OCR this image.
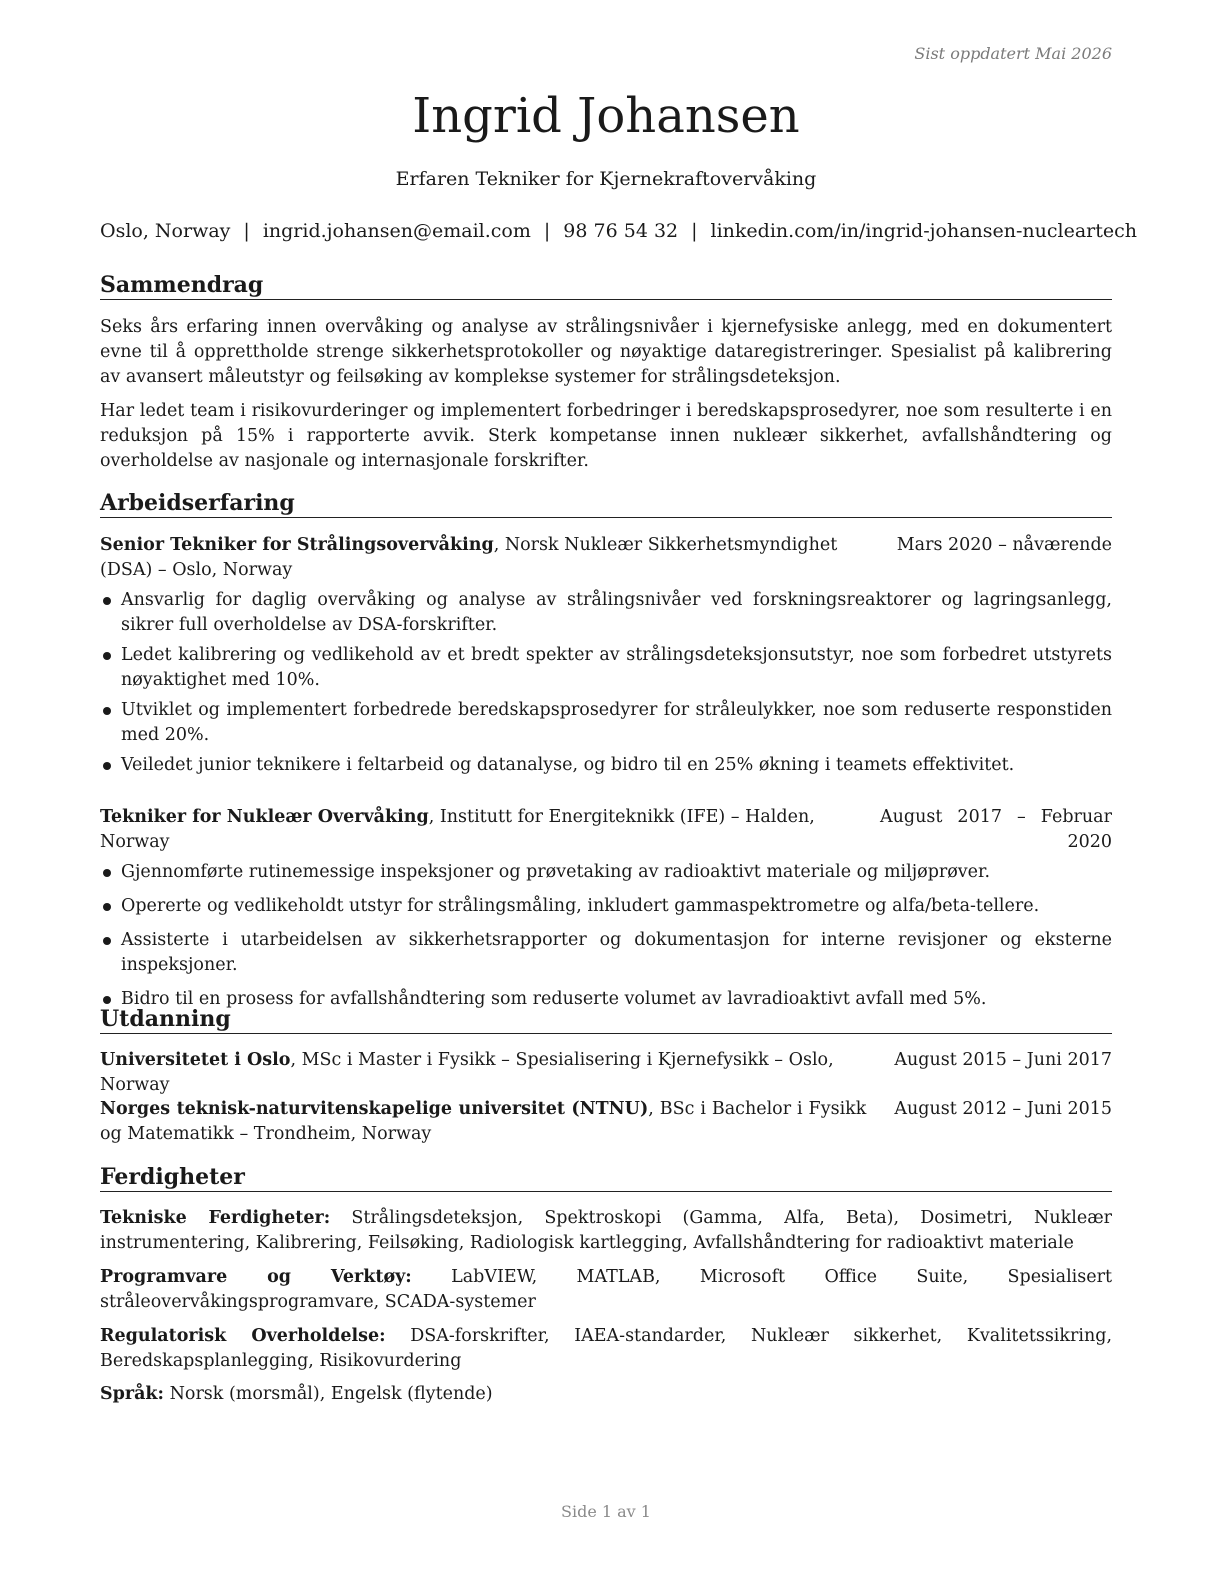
Sist oppdatert Mai 2026
Ingrid Johansen
Erfaren Tekniker for Kjernekraftovervåking
Oslo, Norway | ingrid.johansen@email.com | 98 76 54 32 | linkedin.com/in/ingrid-johansen-nucleartech
Sammendrag
Seks års erfaring innen overvåking og analyse av strålingsnivåer i kjernefysiske anlegg, med en dokumentert evne til å opprettholde strenge sikkerhetsprotokoller og nøyaktige dataregistreringer. Spesialist på kalibrering av avansert måleutstyr og feilsøking av komplekse systemer for strålingsdeteksjon.
Har ledet team i risikovurderinger og implementert forbedringer i beredskapsprosedyrer, noe som resulterte i en reduksjon på 15% i rapporterte avvik. Sterk kompetanse innen nukleær sikkerhet, avfallshåndtering og overholdelse av nasjonale og internasjonale forskrifter.
Arbeidserfaring
Mars 2020 – nåværende
Senior Tekniker for Strålingsovervåking, Norsk Nukleær Sikkerhetsmyndighet (DSA) – Oslo, Norway
Ansvarlig for daglig overvåking og analyse av strålingsnivåer ved forskningsreaktorer og lagringsanlegg, sikrer full overholdelse av DSA-forskrifter.
Ledet kalibrering og vedlikehold av et bredt spekter av strålingsdeteksjonsutstyr, noe som forbedret utstyrets nøyaktighet med 10%.
Utviklet og implementert forbedrede beredskapsprosedyrer for stråleulykker, noe som reduserte responstiden med 20%.
Veiledet junior teknikere i feltarbeid og datanalyse, og bidro til en 25% økning i teamets effektivitet.
August 2017 – Februar 2020
Tekniker for Nukleær Overvåking, Institutt for Energiteknikk (IFE) – Halden, Norway
Gjennomførte rutinemessige inspeksjoner og prøvetaking av radioaktivt materiale og miljøprøver.
Opererte og vedlikeholdt utstyr for strålingsmåling, inkludert gammaspektrometre og alfa/beta-tellere.
Assisterte i utarbeidelsen av sikkerhetsrapporter og dokumentasjon for interne revisjoner og eksterne inspeksjoner.
Bidro til en prosess for avfallshåndtering som reduserte volumet av lavradioaktivt avfall med 5%.
Utdanning
August 2015 – Juni 2017
Universitetet i Oslo, MSc i Master i Fysikk – Spesialisering i Kjernefysikk – Oslo, Norway
August 2012 – Juni 2015
Norges teknisk-naturvitenskapelige universitet (NTNU), BSc i Bachelor i Fysikk og Matematikk – Trondheim, Norway
Ferdigheter
Tekniske Ferdigheter: Strålingsdeteksjon, Spektroskopi (Gamma, Alfa, Beta), Dosimetri, Nukleær instrumentering, Kalibrering, Feilsøking, Radiologisk kartlegging, Avfallshåndtering for radioaktivt materiale
Programvare og Verktøy: LabVIEW, MATLAB, Microsoft Office Suite, Spesialisert stråleovervåkingsprogramvare, SCADA-systemer
Regulatorisk Overholdelse: DSA-forskrifter, IAEA-standarder, Nukleær sikkerhet, Kvalitetssikring, Beredskapsplanlegging, Risikovurdering
Språk: Norsk (morsmål), Engelsk (flytende)
Side 1 av 1
